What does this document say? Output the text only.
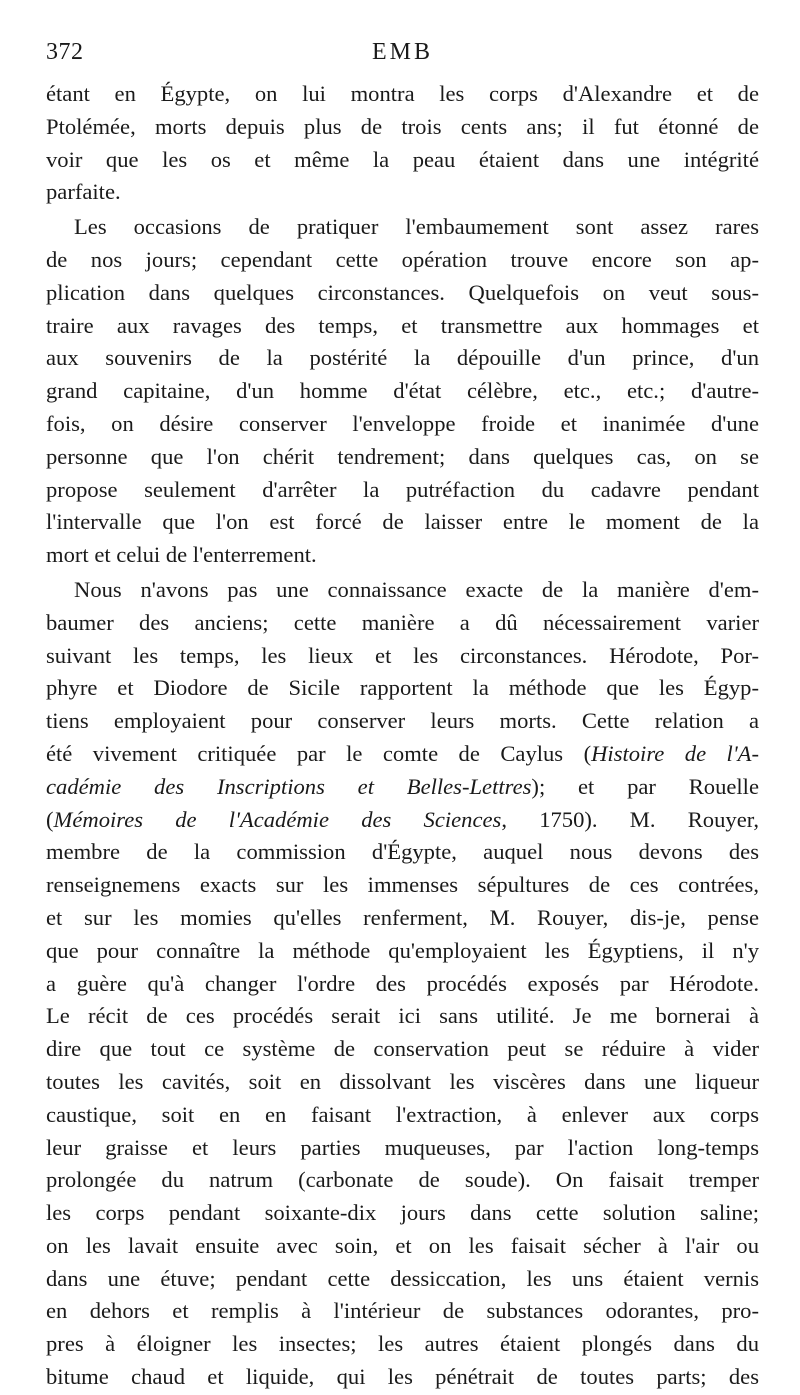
372	EMB
étant en Égypte, on lui montra les corps d'Alexandre et de
Ptolémée, morts depuis plus de trois cents ans; il fut étonné de
voir que les os et même la peau étaient dans une intégrité
parfaite.
Les occasions de pratiquer l'embaumement sont assez rares
de nos jours; cependant cette opération trouve encore son ap-
plication dans quelques circonstances. Quelquefois on veut sous-
traire aux ravages des temps, et transmettre aux hommages et
aux souvenirs de la postérité la dépouille d'un prince, d'un
grand capitaine, d'un homme d'état célèbre, etc., etc.; d'autre-
fois, on désire conserver l'enveloppe froide et inanimée d'une
personne que l'on chérit tendrement; dans quelques cas, on se
propose seulement d'arrêter la putréfaction du cadavre pendant
l'intervalle que l'on est forcé de laisser entre le moment de la
mort et celui de l'enterrement.
Nous n'avons pas une connaissance exacte de la manière d'em-
baumer des anciens; cette manière a dû nécessairement varier
suivant les temps, les lieux et les circonstances. Hérodote, Por-
phyre et Diodore de Sicile rapportent la méthode que les Égyp-
tiens employaient pour conserver leurs morts. Cette relation a
été vivement critiquée par le comte de Caylus (Histoire de l'A-
cadémie des Inscriptions et Belles-Lettres); et par Rouelle
(Mémoires de l'Académie des Sciences, 1750). M. Rouyer,
membre de la commission d'Égypte, auquel nous devons des
renseignemens exacts sur les immenses sépultures de ces contrées,
et sur les momies qu'elles renferment, M. Rouyer, dis-je, pense
que pour connaître la méthode qu'employaient les Égyptiens, il n'y
a guère qu'à changer l'ordre des procédés exposés par Hérodote.
Le récit de ces procédés serait ici sans utilité. Je me bornerai à
dire que tout ce système de conservation peut se réduire à vider
toutes les cavités, soit en dissolvant les viscères dans une liqueur
caustique, soit en en faisant l'extraction, à enlever aux corps
leur graisse et leurs parties muqueuses, par l'action long-temps
prolongée du natrum (carbonate de soude). On faisait tremper
les corps pendant soixante-dix jours dans cette solution saline;
on les lavait ensuite avec soin, et on les faisait sécher à l'air ou
dans une étuve; pendant cette dessiccation, les uns étaient vernis
en dehors et remplis à l'intérieur de substances odorantes, pro-
pres à éloigner les insectes; les autres étaient plongés dans du
bitume chaud et liquide, qui les pénétrait de toutes parts; des
